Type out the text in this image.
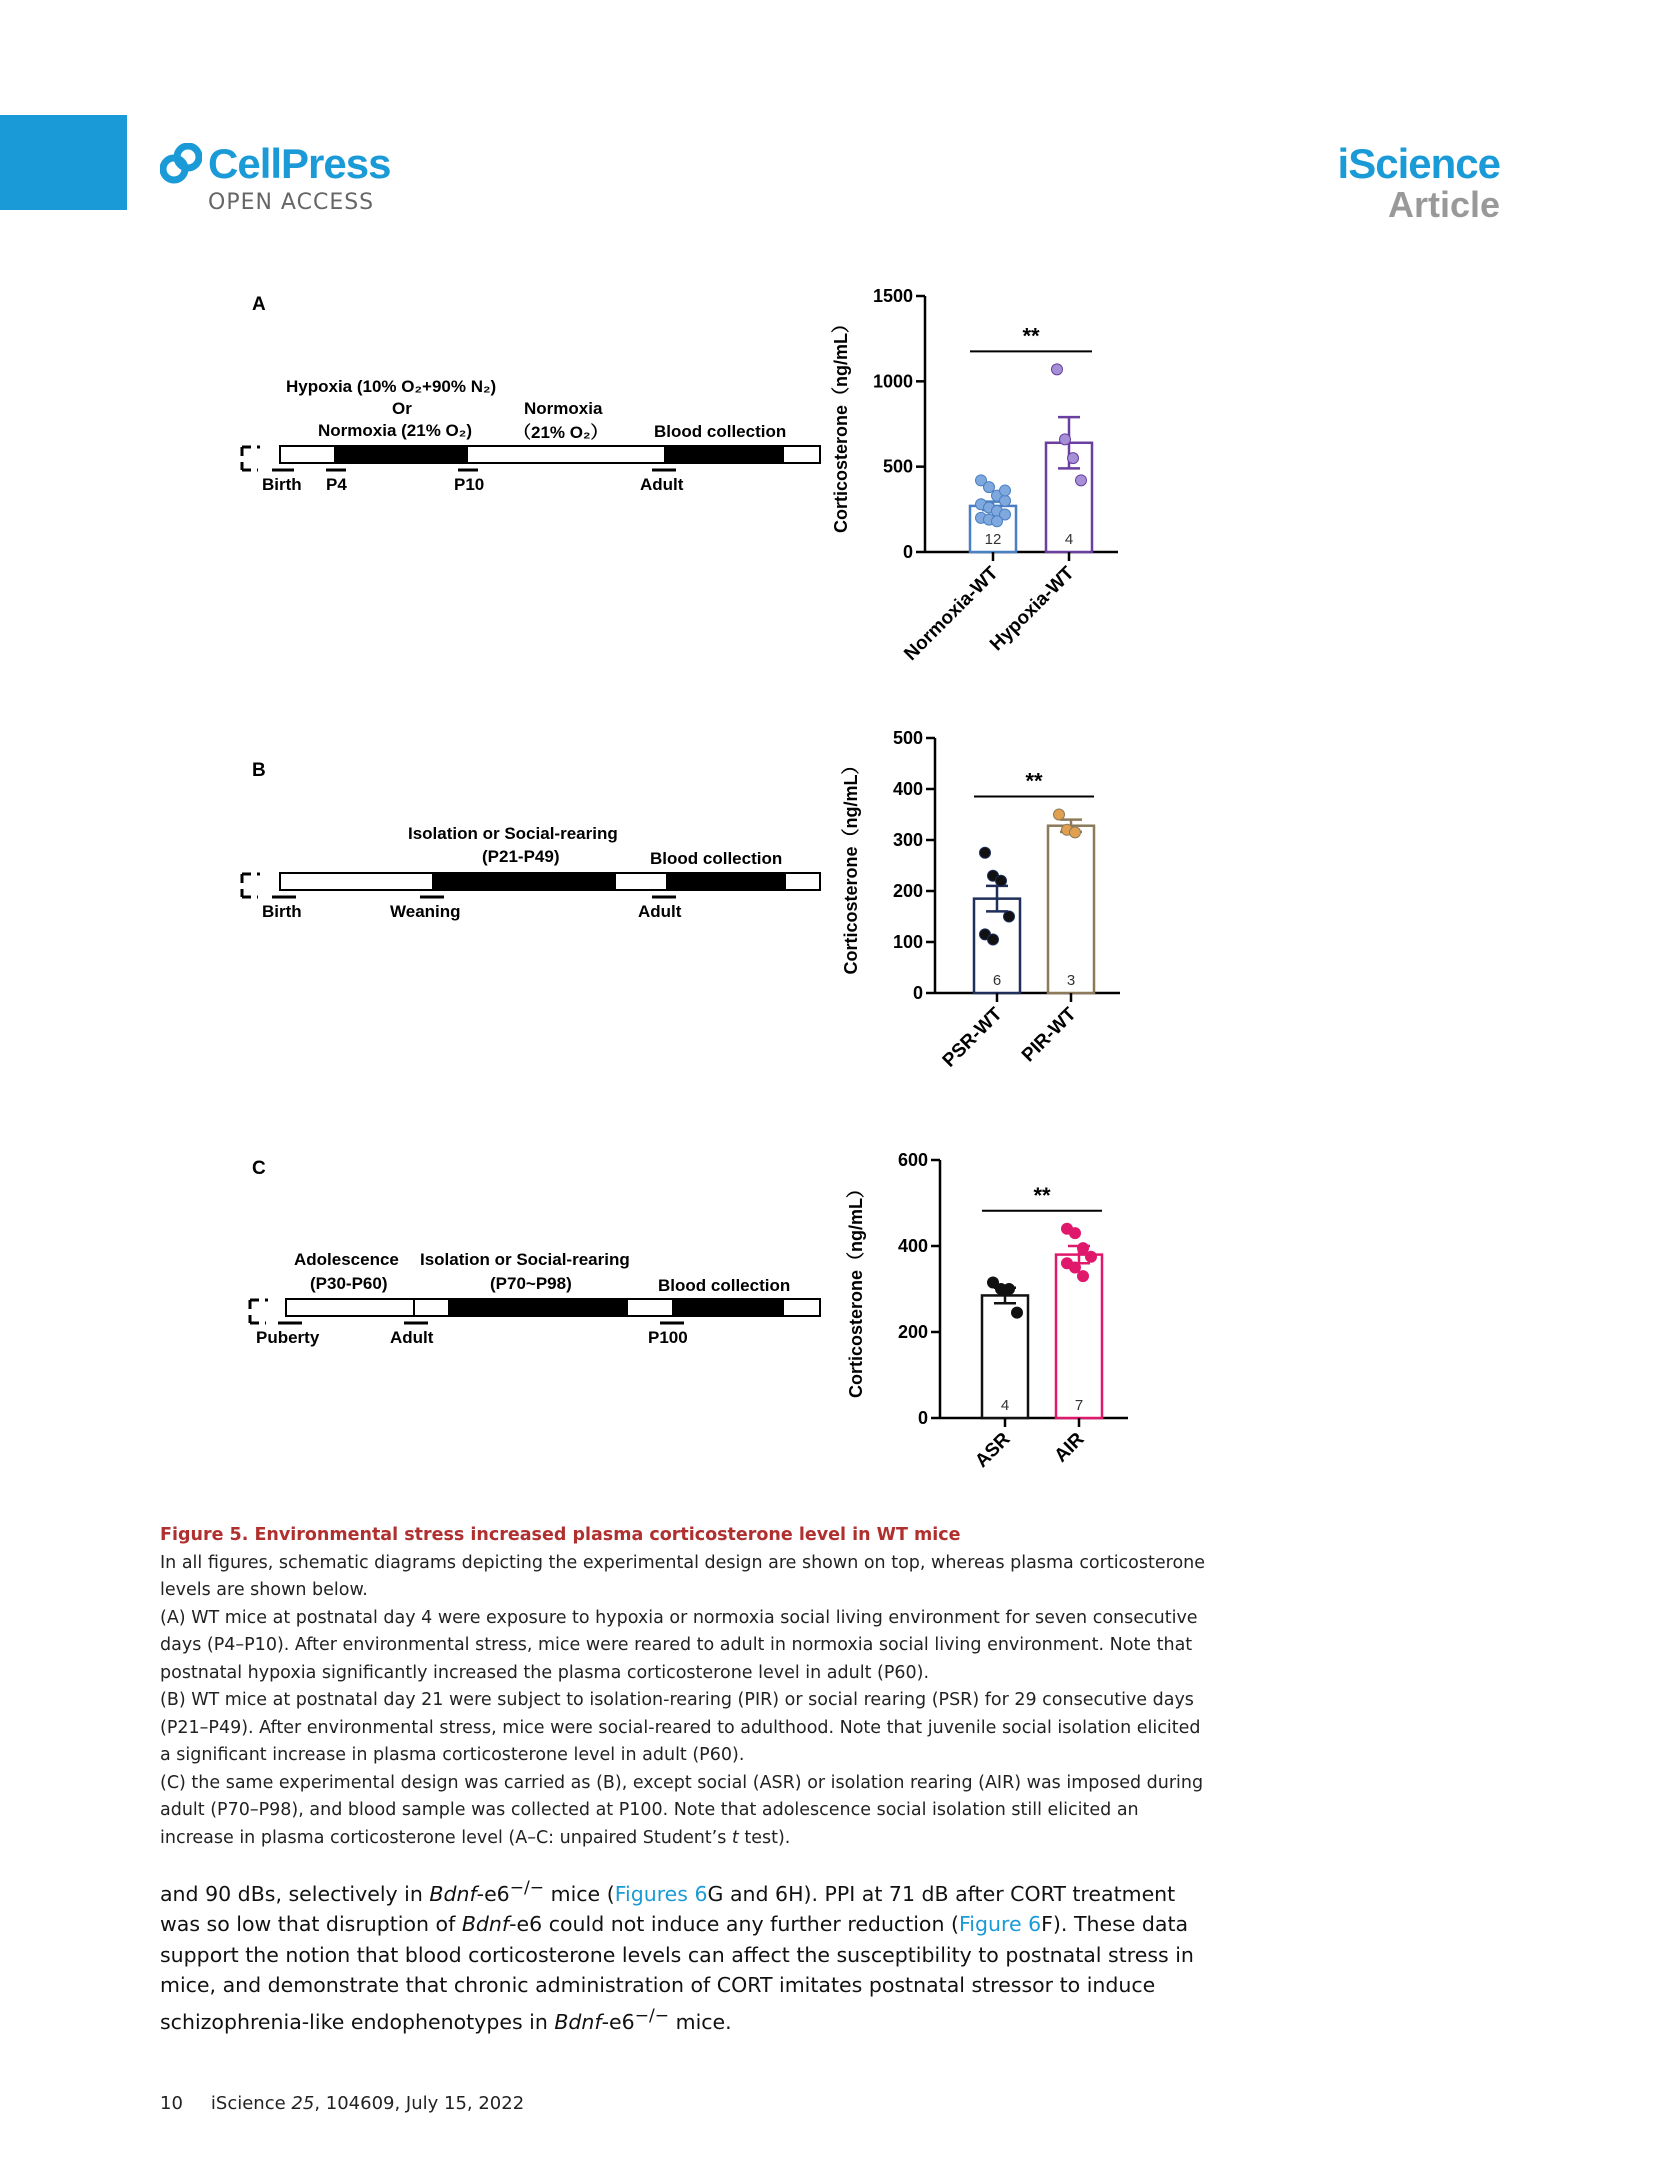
CellPress
OPEN ACCESS
iScience
Article
A
B
C
Hypoxia (10% O₂+90% N₂)
Or
Normoxia (21% O₂)
Normoxia
（21% O₂）	Blood collection
Birth P4	P10	Adult
Isolation or Social-rearing
(P21-P49)	Blood collection
Birth	Weaning	Adult
Adolescence
(P30-P60)
Isolation or Social-rearing
(P70~P98)	Blood collection
Puberty	Adult	P100
0
500
1000
1500
Corticosterone（ng/mL）
12
Normoxia-WT
4
Hypoxia-WT
**
0
100
200
300
400
500
Corticosterone（ng/mL）
6
PSR-WT
3
PIR-WT
**
0
200
400
600
Corticosterone（ng/mL）
4
ASR
7
AIR
**

Figure 5. Environmental stress increased plasma corticosterone level in WT mice

In all figures, schematic diagrams depicting the experimental design are shown on top, whereas plasma corticosterone levels are shown below.

(A) WT mice at postnatal day 4 were exposure to hypoxia or normoxia social living environment for seven consecutive days (P4–P10). After environmental stress, mice were reared to adult in normoxia social living environment. Note that postnatal hypoxia significantly increased the plasma corticosterone level in adult (P60).

(B) WT mice at postnatal day 21 were subject to isolation-rearing (PIR) or social rearing (PSR) for 29 consecutive days (P21–P49). After environmental stress, mice were social-reared to adulthood. Note that juvenile social isolation elicited a significant increase in plasma corticosterone level in adult (P60).

(C) the same experimental design was carried as (B), except social (ASR) or isolation rearing (AIR) was imposed during adult (P70–P98), and blood sample was collected at P100. Note that adolescence social isolation still elicited an increase in plasma corticosterone level (A–C: unpaired Student’s t test).

and 90 dBs, selectively in Bdnf-e6−/− mice (Figures 6G and 6H). PPI at 71 dB after CORT treatment was so low that disruption of Bdnf-e6 could not induce any further reduction (Figure 6F). These data support the notion that blood corticosterone levels can affect the susceptibility to postnatal stress in mice, and demonstrate that chronic administration of CORT imitates postnatal stressor to induce schizophrenia-like endophenotypes in Bdnf-e6−/− mice.
10 iScience 25, 104609, July 15, 2022
